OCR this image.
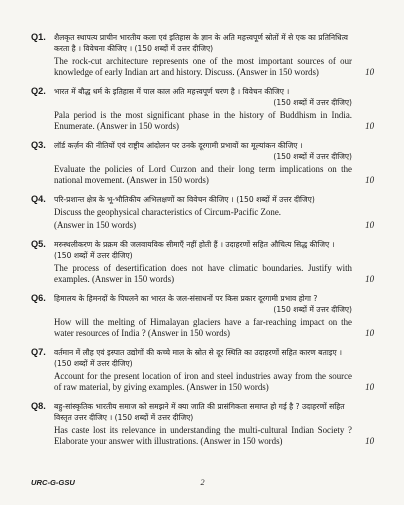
Q1.	शैलकृत स्थापत्य प्राचीन भारतीय कला एवं इतिहास के ज्ञान के अति महत्त्वपूर्ण स्रोतों में से एक का प्रतिनिधित्व करता है । विवेचना कीजिए । (150 शब्दों में उत्तर दीजिए)

The rock-cut architecture represents one of the most important sources of our knowledge of early Indian art and history. Discuss. (Answer in 150 words)	10
Q2.	भारत में बौद्ध धर्म के इतिहास में पाल काल अति महत्त्वपूर्ण चरण है । विवेचन कीजिए ।

(150 शब्दों में उत्तर दीजिए)

Pala period is the most significant phase in the history of Buddhism in India. Enumerate. (Answer in 150 words)	10
Q3.	लॉर्ड कर्ज़न की नीतियों एवं राष्ट्रीय आंदोलन पर उनके दूरगामी प्रभावों का मूल्यांकन कीजिए ।

(150 शब्दों में उत्तर दीजिए)

Evaluate the policies of Lord Curzon and their long term implications on the national movement. (Answer in 150 words)	10
Q4.	परि-प्रशान्त क्षेत्र के भू-भौतिकीय अभिलक्षणों का विवेचन कीजिए । (150 शब्दों में उत्तर दीजिए)

Discuss the geophysical characteristics of Circum-Pacific Zone.

(Answer in 150 words)	10
Q5.	मरुस्थलीकरण के प्रक्रम की जलवायविक सीमाएँ नहीं होती हैं । उदाहरणों सहित औचित्य सिद्ध कीजिए । (150 शब्दों में उत्तर दीजिए)

The process of desertification does not have climatic boundaries. Justify with examples. (Answer in 150 words)	10
Q6.	हिमालय के हिमनदों के पिघलने का भारत के जल-संसाधनों पर किस प्रकार दूरगामी प्रभाव होगा ?

(150 शब्दों में उत्तर दीजिए)

How will the melting of Himalayan glaciers have a far-reaching impact on the water resources of India ? (Answer in 150 words)	10
Q7.	वर्तमान में लौह एवं इस्पात उद्योगों की कच्चे माल के स्रोत से दूर स्थिति का उदाहरणों सहित कारण बताइए । (150 शब्दों में उत्तर दीजिए)

Account for the present location of iron and steel industries away from the source of raw material, by giving examples. (Answer in 150 words)	10
Q8.	बहु-सांस्कृतिक भारतीय समाज को समझने में क्या जाति की प्रासंगिकता समाप्त हो गई है ? उदाहरणों सहित विस्तृत उत्तर दीजिए । (150 शब्दों में उत्तर दीजिए)

Has caste lost its relevance in understanding the multi-cultural Indian Society ? Elaborate your answer with illustrations. (Answer in 150 words)	10
URC-G-GSU	2
